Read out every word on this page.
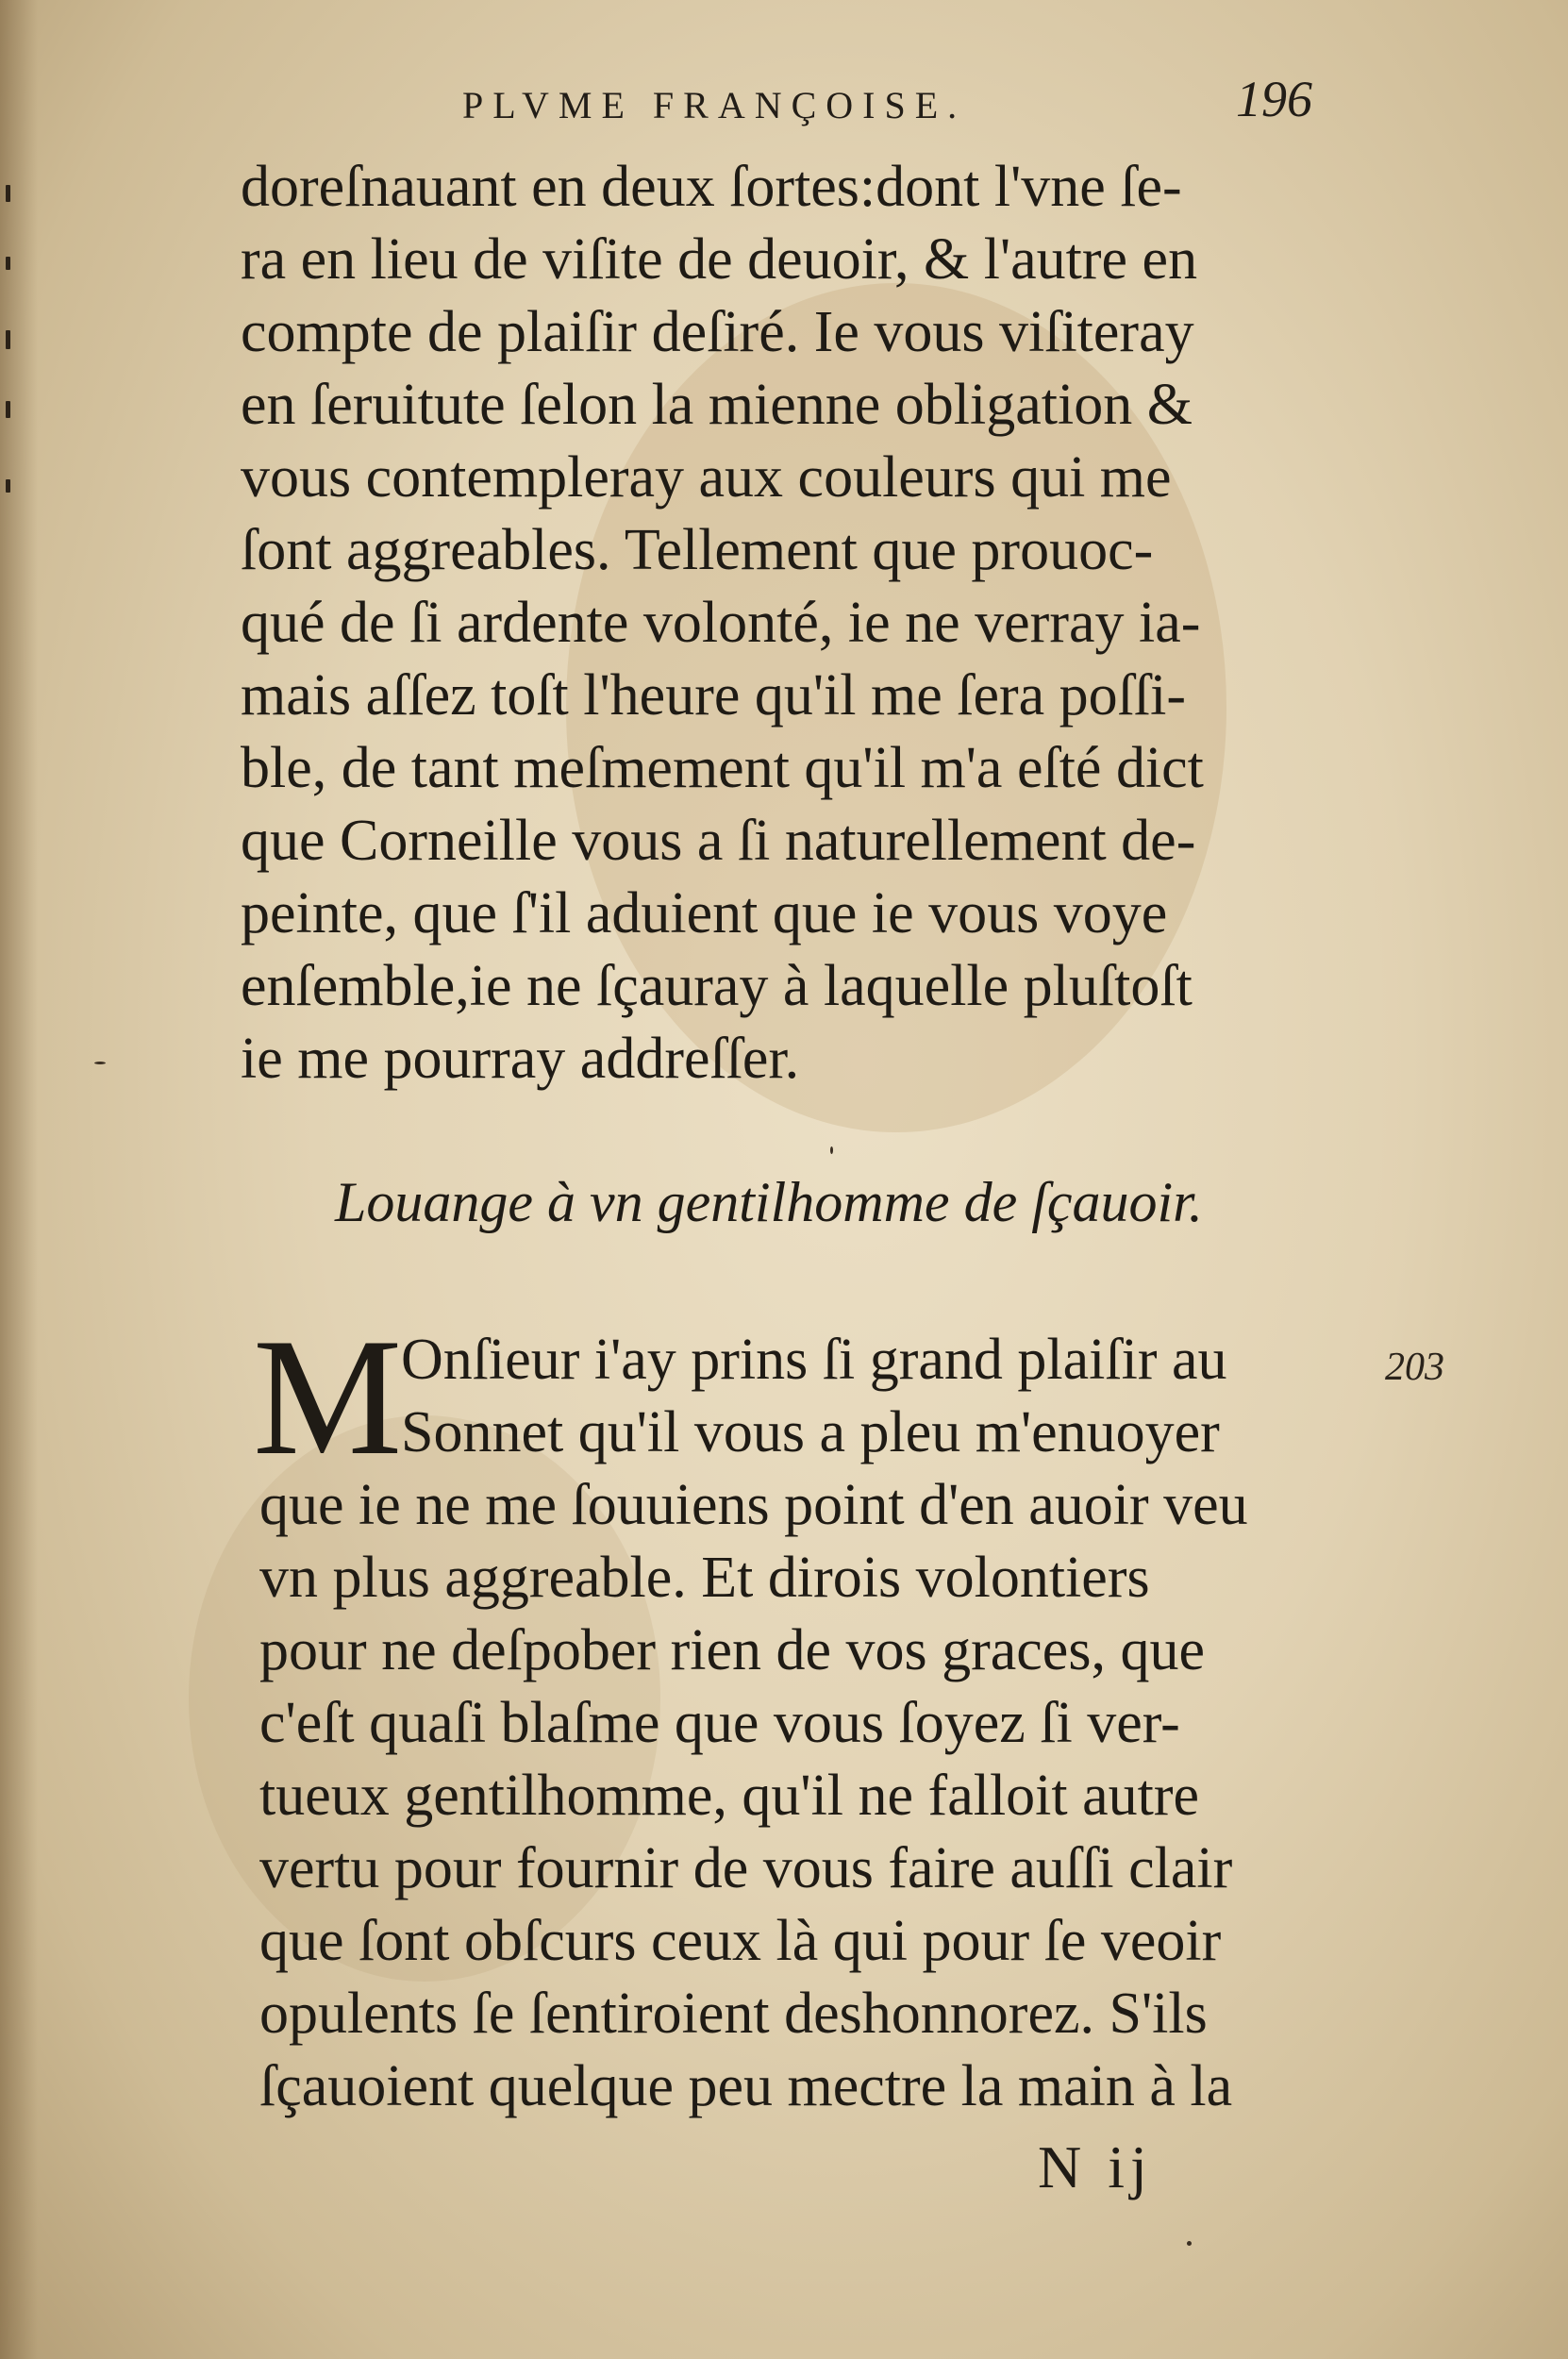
PLVME FRANÇOISE.	196
doreſnauant en deux ſortes:dont l'vne ſe-
ra en lieu de viſite de deuoir, & l'autre en
compte de plaiſir deſiré. Ie vous viſiteray
en ſeruitute ſelon la mienne obligation &
vous contempleray aux couleurs qui me
ſont aggreables. Tellement que prouoc-
qué de ſi ardente volonté, ie ne verray ia-
mais aſſez toſt l'heure qu'il me ſera poſſi-
ble, de tant meſmement qu'il m'a eſté dict
que Corneille vous a ſi naturellement de-
peinte, que ſ'il aduient que ie vous voye
enſemble,ie ne ſçauray à laquelle pluſtoſt
ie me pourray addreſſer.
Louange à vn gentilhomme de ſçauoir.
M
Onſieur i'ay prins ſi grand plaiſir au
Sonnet qu'il vous a pleu m'enuoyer
que ie ne me ſouuiens point d'en auoir veu
vn plus aggreable. Et dirois volontiers
pour ne deſpober rien de vos graces, que
c'eſt quaſi blaſme que vous ſoyez ſi ver-
tueux gentilhomme, qu'il ne falloit autre
vertu pour fournir de vous faire auſſi clair
que ſont obſcurs ceux là qui pour ſe veoir
opulents ſe ſentiroient deshonnorez. S'ils
ſçauoient quelque peu mectre la main à la
203
N ij
